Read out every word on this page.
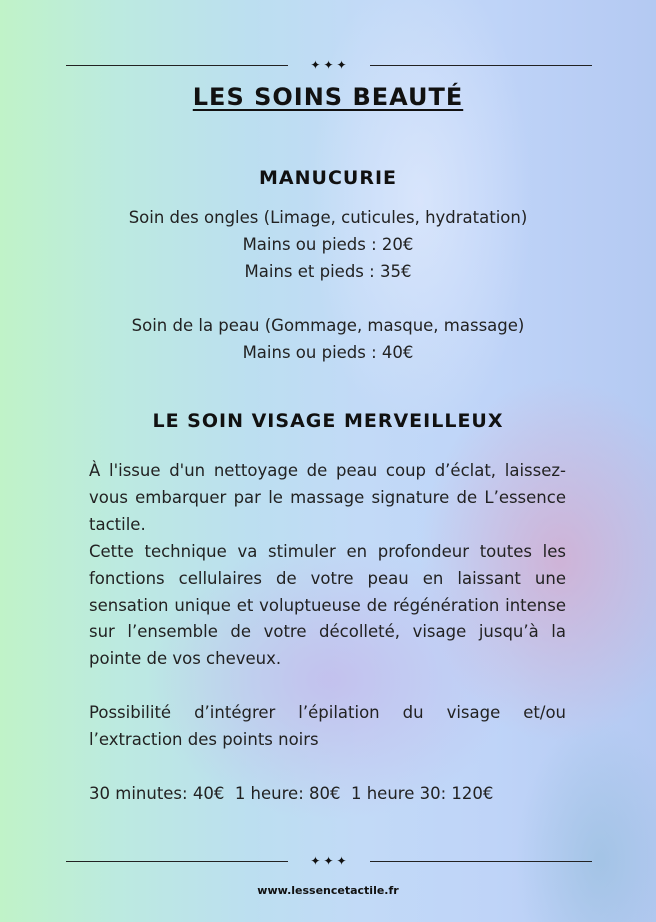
✦✦✦
LES SOINS BEAUTÉ
MANUCURIE
Soin des ongles (Limage, cuticules, hydratation)
Mains ou pieds : 20€
Mains et pieds : 35€
Soin de la peau (Gommage, masque, massage)
Mains ou pieds : 40€
LE SOIN VISAGE MERVEILLEUX

À l'issue d'un nettoyage de peau coup d’éclat, laissez-vous embarquer par le massage signature de L’essence tactile.

Cette technique va stimuler en profondeur toutes les fonctions cellulaires de votre peau en laissant une sensation unique et voluptueuse de régénération intense sur l’ensemble de votre décolleté, visage jusqu’à la pointe de vos cheveux.

Possibilité d’intégrer l’épilation du visage et/ou l’extraction des points noirs

30 minutes: 40€  1 heure: 80€  1 heure 30: 120€
✦✦✦
www.lessencetactile.fr
